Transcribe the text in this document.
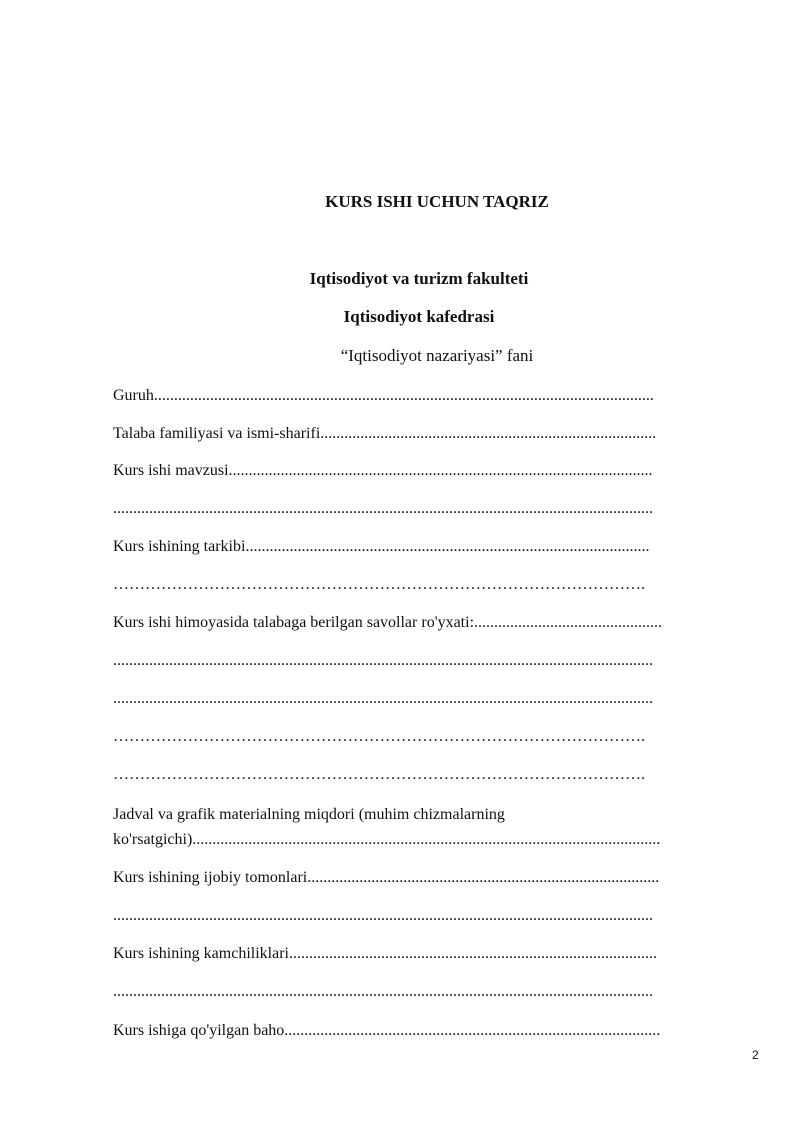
KURS ISHI UCHUN TAQRIZ
Iqtisodiyot va turizm fakulteti
Iqtisodiyot kafedrasi
“Iqtisodiyot nazariyasi” fani
Guruh.............................................................................................................................
Talaba familiyasi va ismi-sharifi....................................................................................
Kurs ishi mavzusi..........................................................................................................
.......................................................................................................................................
Kurs ishining tarkibi.....................................................................................................
……………………………………………………………………………………….
Kurs ishi himoyasida talabaga berilgan savollar ro'yxati:...............................................
.......................................................................................................................................
.......................................................................................................................................
……………………………………………………………………………………….
……………………………………………………………………………………….
Jadval va grafik materialning miqdori (muhim chizmalarning
ko'rsatgichi).....................................................................................................................
Kurs ishining ijobiy tomonlari........................................................................................
.......................................................................................................................................
Kurs ishining kamchiliklari............................................................................................
.......................................................................................................................................
Kurs ishiga qo'yilgan baho..............................................................................................
2
